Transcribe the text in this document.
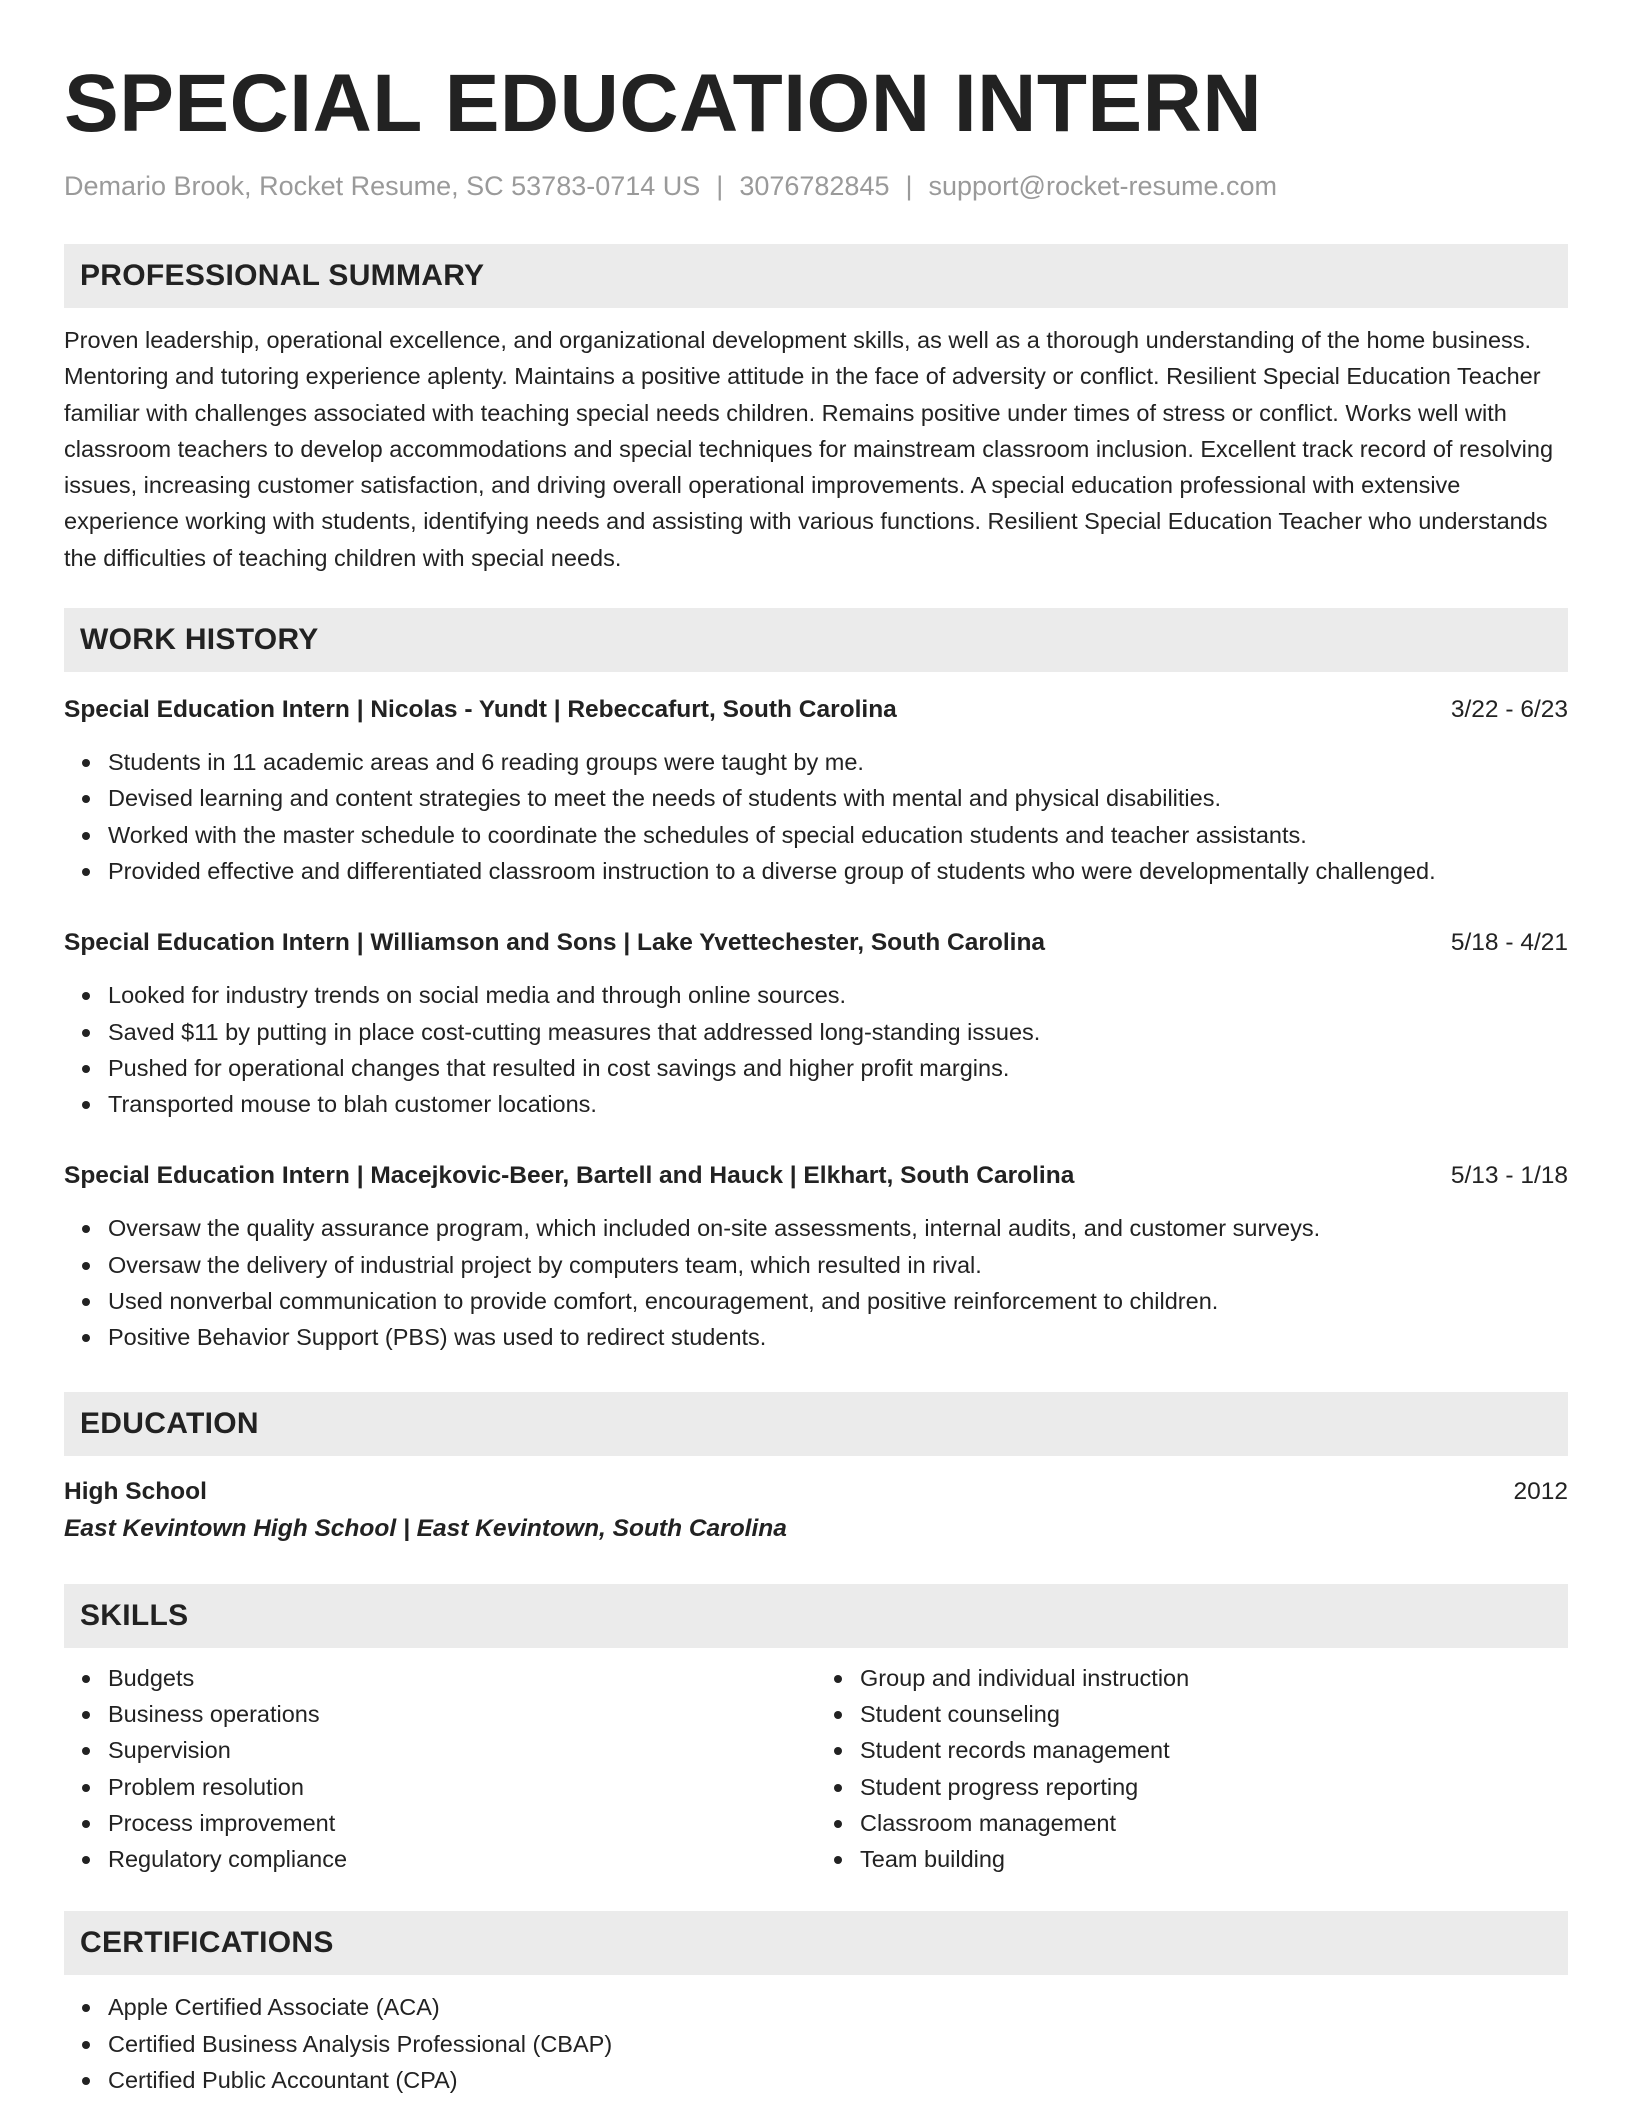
SPECIAL EDUCATION INTERN
Demario Brook, Rocket Resume, SC 53783-0714 US | 3076782845 | support@rocket-resume.com
PROFESSIONAL SUMMARY

Proven leadership, operational excellence, and organizational development skills, as well as a thorough understanding of the home business. Mentoring and tutoring experience aplenty. Maintains a positive attitude in the face of adversity or conflict. Resilient Special Education Teacher familiar with challenges associated with teaching special needs children. Remains positive under times of stress or conflict. Works well with classroom teachers to develop accommodations and special techniques for mainstream classroom inclusion. Excellent track record of resolving issues, increasing customer satisfaction, and driving overall operational improvements. A special education professional with extensive experience working with students, identifying needs and assisting with various functions. Resilient Special Education Teacher who understands the difficulties of teaching children with special needs.

WORK HISTORY
Special Education Intern | Nicolas - Yundt | Rebeccafurt, South Carolina	3/22 - 6/23
Students in 11 academic areas and 6 reading groups were taught by me.
Devised learning and content strategies to meet the needs of students with mental and physical disabilities.
Worked with the master schedule to coordinate the schedules of special education students and teacher assistants.
Provided effective and differentiated classroom instruction to a diverse group of students who were developmentally challenged.
Special Education Intern | Williamson and Sons | Lake Yvettechester, South Carolina	5/18 - 4/21
Looked for industry trends on social media and through online sources.
Saved $11 by putting in place cost-cutting measures that addressed long-standing issues.
Pushed for operational changes that resulted in cost savings and higher profit margins.
Transported mouse to blah customer locations.
Special Education Intern | Macejkovic-Beer, Bartell and Hauck | Elkhart, South Carolina	5/13 - 1/18
Oversaw the quality assurance program, which included on-site assessments, internal audits, and customer surveys.
Oversaw the delivery of industrial project by computers team, which resulted in rival.
Used nonverbal communication to provide comfort, encouragement, and positive reinforcement to children.
Positive Behavior Support (PBS) was used to redirect students.
EDUCATION
High School	2012
East Kevintown High School | East Kevintown, South Carolina
SKILLS
Budgets
Business operations
Supervision
Problem resolution
Process improvement
Regulatory compliance
Group and individual instruction
Student counseling
Student records management
Student progress reporting
Classroom management
Team building
CERTIFICATIONS
Apple Certified Associate (ACA)
Certified Business Analysis Professional (CBAP)
Certified Public Accountant (CPA)
